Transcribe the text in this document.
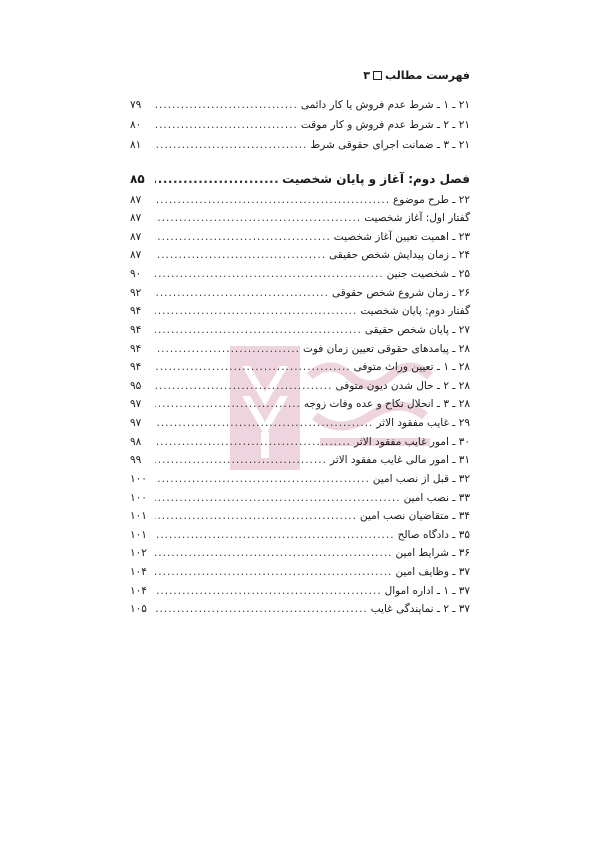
فهرست مطالب
۳
۲۱ ـ ۱ ـ شرط عدم فروش یا کار دائمی
.....
۷۹
۲۱ ـ ۲ ـ شرط عدم فروش و کار موقت
.....
۸۰
۲۱ ـ ۳ ـ ضمانت اجرای حقوقی شرط
.....
۸۱
فصل دوم: آغاز و پایان شخصیت
.....
۸۵
۲۲ ـ طرح موضوع
.....
۸۷
گفتار اول: آغاز شخصیت
.....
۸۷
۲۳ ـ اهمیت تعیین آغاز شخصیت
.....
۸۷
۲۴ ـ زمان پیدایش شخص حقیقی
.....
۸۷
۲۵ ـ شخصیت جنین
.....
۹۰
۲۶ ـ زمان شروع شخص حقوقی
.....
۹۲
گفتار دوم: پایان شخصیت
.....
۹۴
۲۷ ـ پایان شخص حقیقی
.....
۹۴
۲۸ ـ پیامدهای حقوقی تعیین زمان فوت
.....
۹۴
۲۸ ـ ۱ ـ تعیین وراث متوفی
.....
۹۴
۲۸ ـ ۲ ـ حال شدن دیون متوفی
.....
۹۵
۲۸ ـ ۳ ـ انحلال نکاح و عده وفات زوجه
.....
۹۷
۲۹ ـ غایب مفقود الاثر
.....
۹۷
۳۰ ـ امور غایب مفقود الاثر
.....
۹۸
۳۱ ـ امور مالی غایب مفقود الاثر
.....
۹۹
۳۲ ـ قبل از نصب امین
.....
۱۰۰
۳۳ ـ نصب امین
.....
۱۰۰
۳۴ ـ متقاضیان نصب امین
.....
۱۰۱
۳۵ ـ دادگاه صالح
.....
۱۰۱
۳۶ ـ شرایط امین
.....
۱۰۲
۳۷ ـ وظایف امین
.....
۱۰۴
۳۷ ـ ۱ ـ اداره اموال
.....
۱۰۴
۳۷ ـ ۲ ـ نمایندگی غایب
.....
۱۰۵
